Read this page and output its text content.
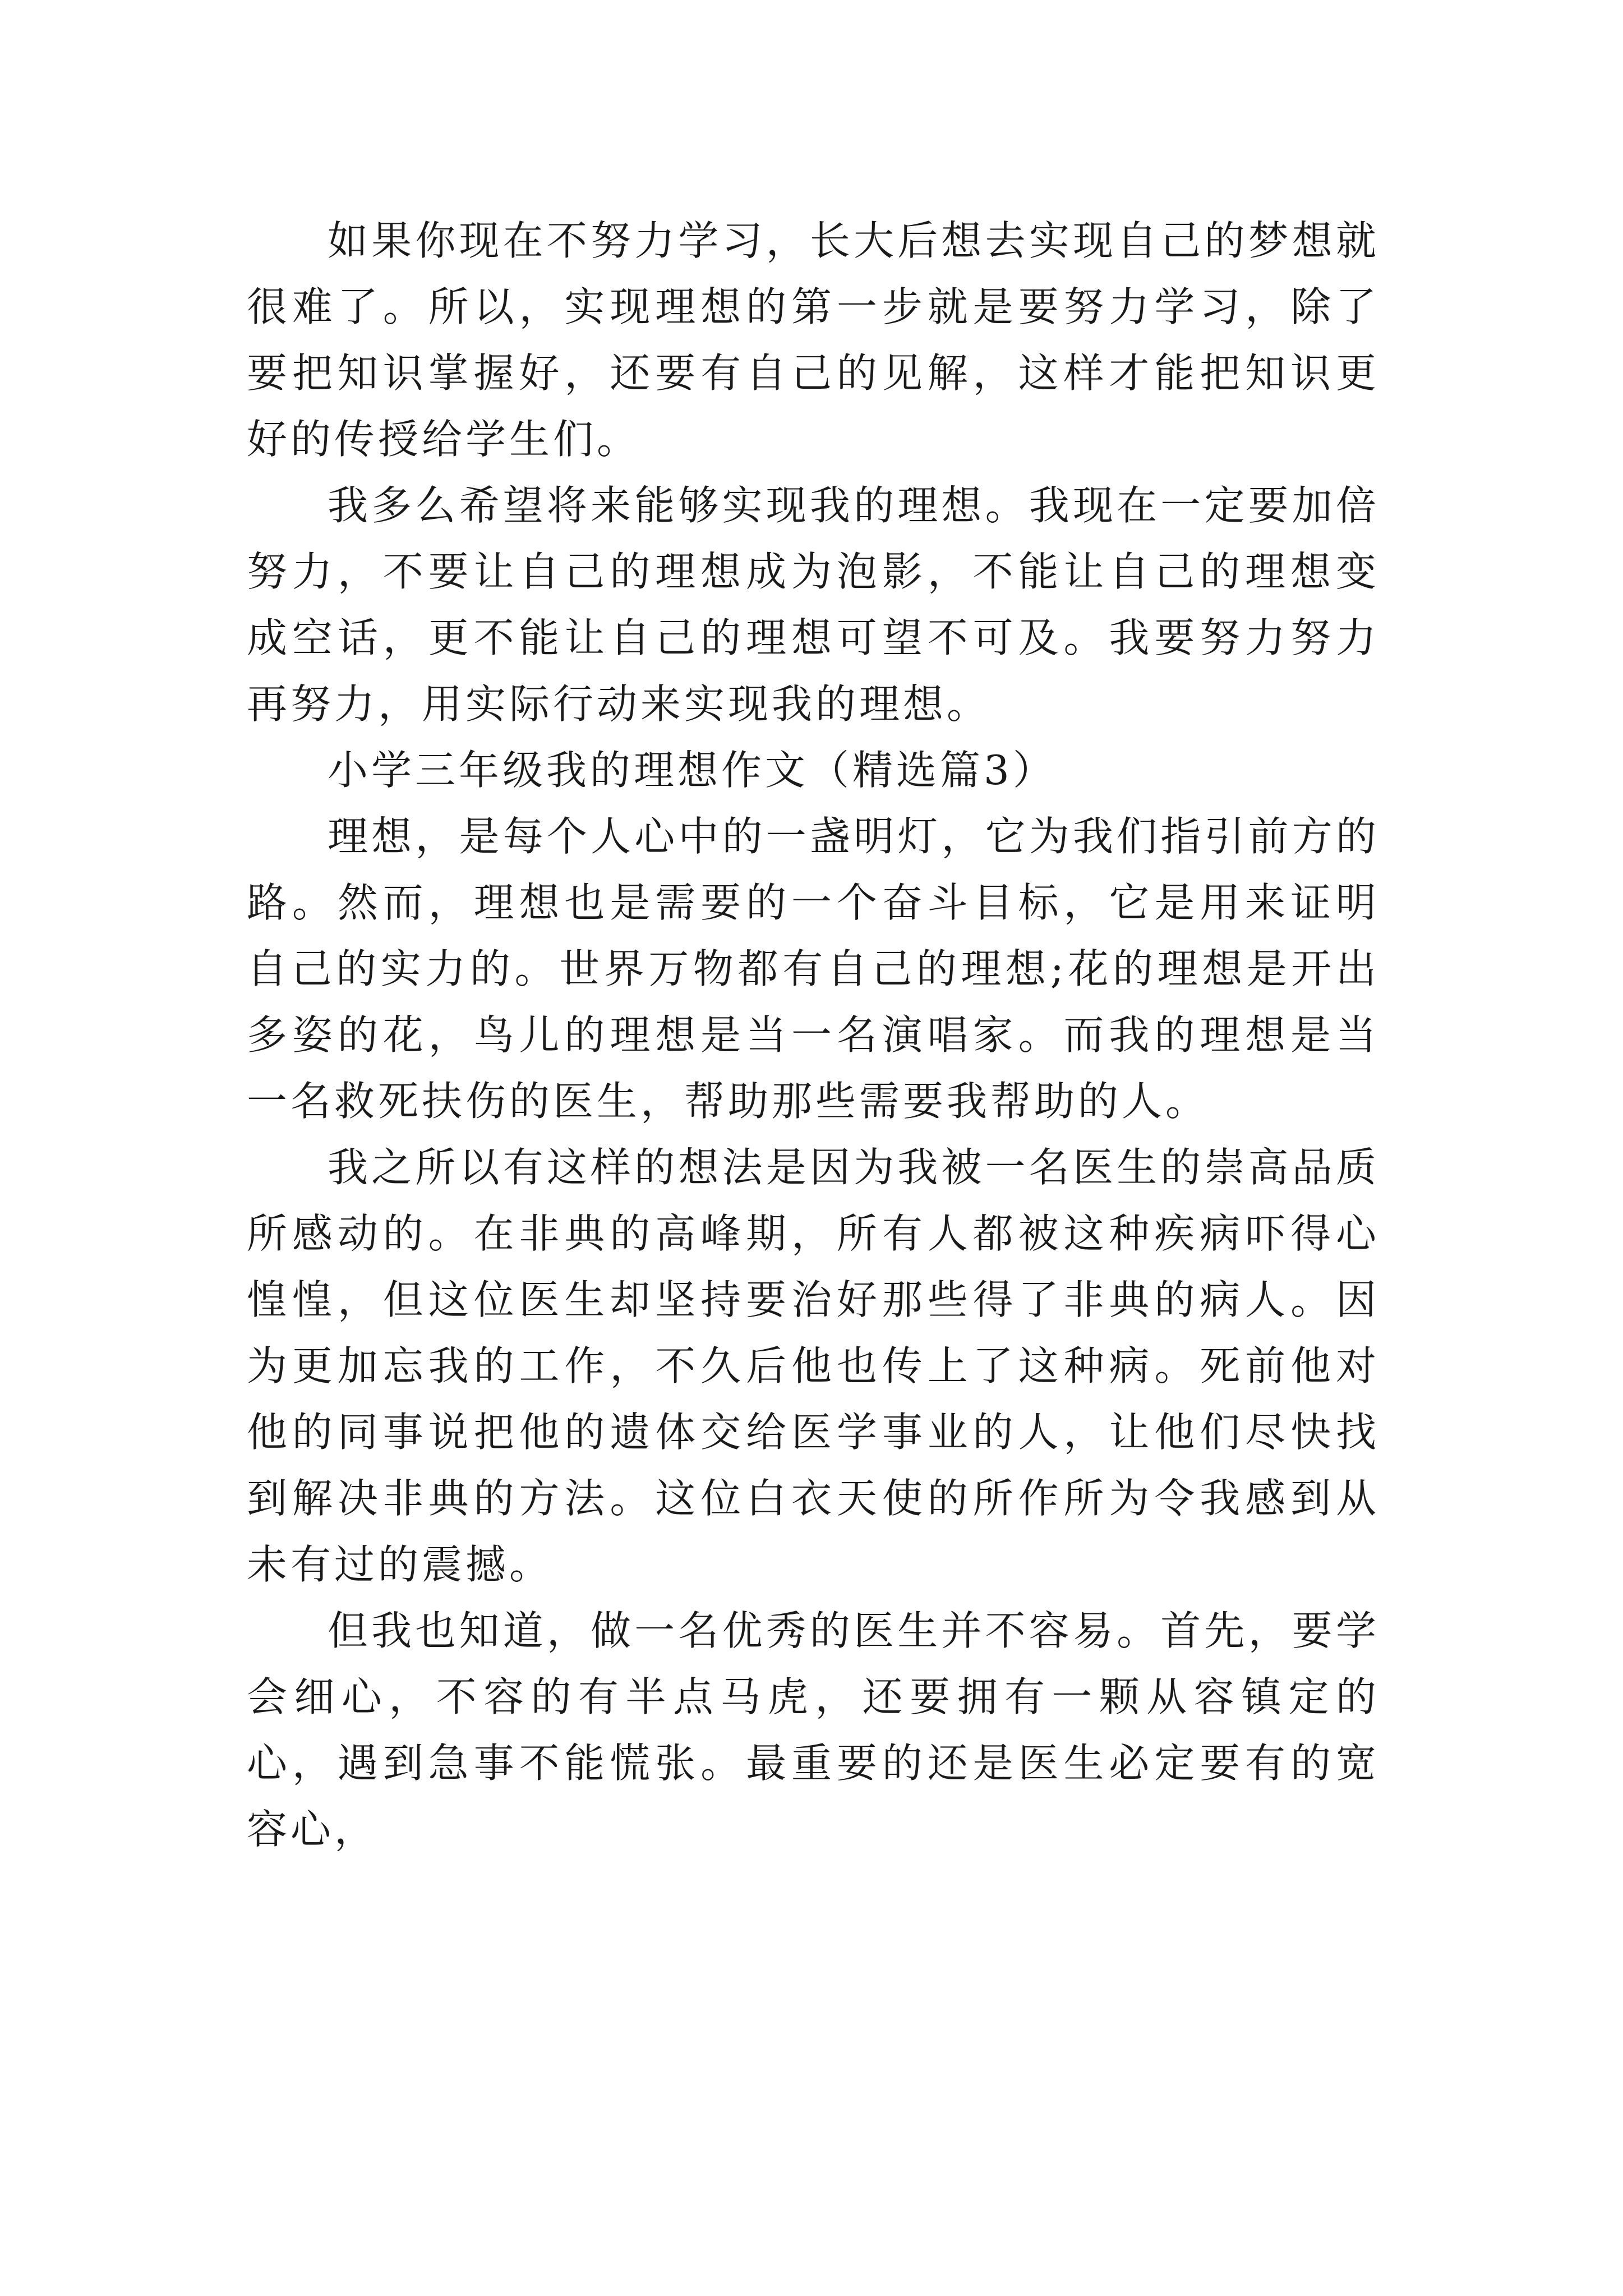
如果你现在不努力学习，长大后想去实现自己的梦想就很难了。所以，实现理想的第一步就是要努力学习，除了要把知识掌握好，还要有自己的见解，这样才能把知识更好的传授给学生们。

我多么希望将来能够实现我的理想。我现在一定要加倍努力，不要让自己的理想成为泡影，不能让自己的理想变成空话，更不能让自己的理想可望不可及。我要努力努力再努力，用实际行动来实现我的理想。

小学三年级我的理想作文（精选篇3）

理想，是每个人心中的一盏明灯，它为我们指引前方的路。然而，理想也是需要的一个奋斗目标，它是用来证明自己的实力的。世界万物都有自己的理想;花的理想是开出多姿的花，鸟儿的理想是当一名演唱家。而我的理想是当一名救死扶伤的医生，帮助那些需要我帮助的人。

我之所以有这样的想法是因为我被一名医生的崇高品质所感动的。在非典的高峰期，所有人都被这种疾病吓得心惶惶，但这位医生却坚持要治好那些得了非典的病人。因为更加忘我的工作，不久后他也传上了这种病。死前他对他的同事说把他的遗体交给医学事业的人，让他们尽快找到解决非典的方法。这位白衣天使的所作所为令我感到从未有过的震撼。

但我也知道，做一名优秀的医生并不容易。首先，要学会细心，不容的有半点马虎，还要拥有一颗从容镇定的心，遇到急事不能慌张。最重要的还是医生必定要有的宽容心，
